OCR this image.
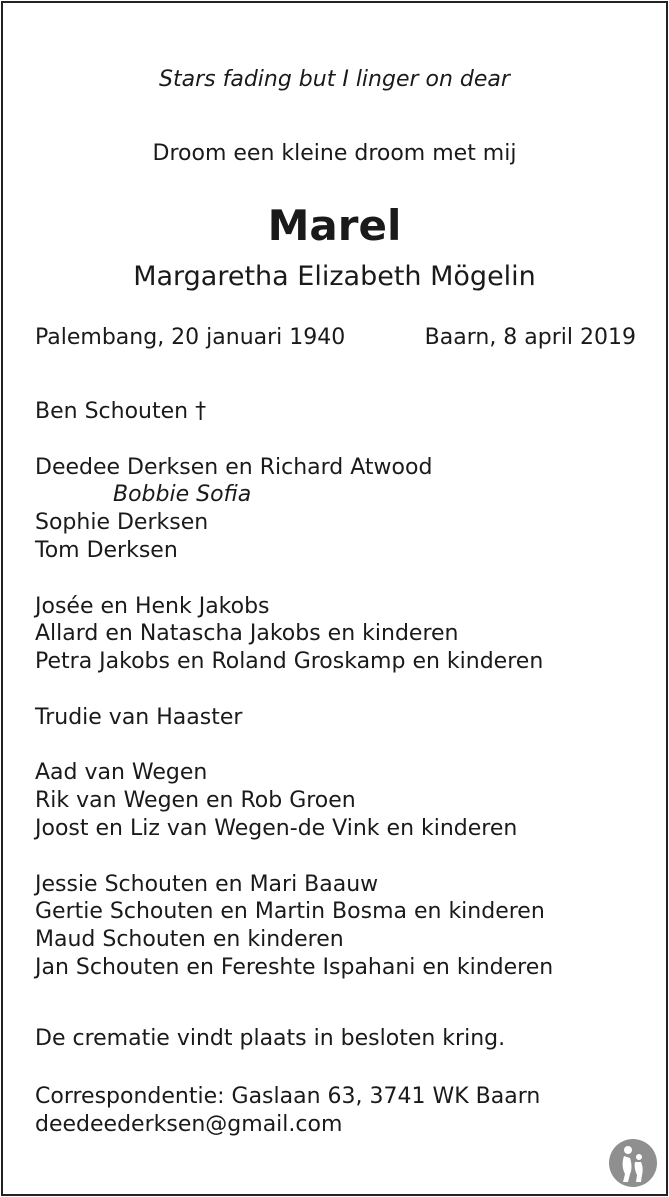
Stars fading but I linger on dear
Droom een kleine droom met mij
Marel
Margaretha Elizabeth Mögelin
Palembang, 20 januari 1940	Baarn, 8 april 2019
Ben Schouten †
Deedee Derksen en Richard Atwood
Bobbie Sofia
Sophie Derksen
Tom Derksen
Josée en Henk Jakobs
Allard en Natascha Jakobs en kinderen
Petra Jakobs en Roland Groskamp en kinderen
Trudie van Haaster
Aad van Wegen
Rik van Wegen en Rob Groen
Joost en Liz van Wegen-de Vink en kinderen
Jessie Schouten en Mari Baauw
Gertie Schouten en Martin Bosma en kinderen
Maud Schouten en kinderen
Jan Schouten en Fereshte Ispahani en kinderen
De crematie vindt plaats in besloten kring.
Correspondentie: Gaslaan 63, 3741 WK Baarn
deedeederksen@gmail.com
